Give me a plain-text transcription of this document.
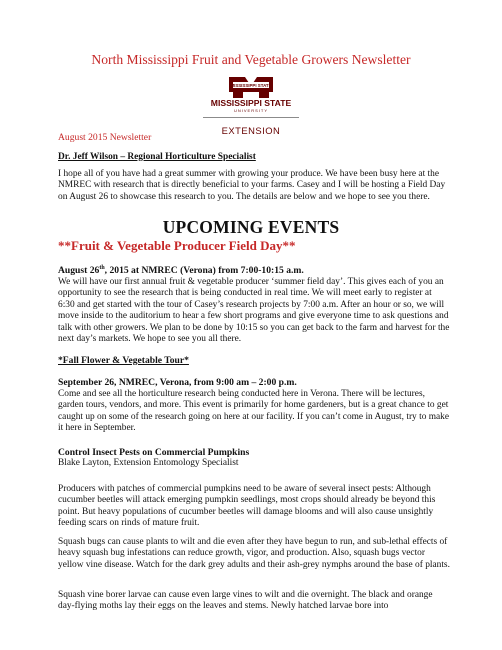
North Mississippi Fruit and Vegetable Growers Newsletter
MISSISSIPPI STATE
MISSISSIPPI STATE
UNIVERSITY
EXTENSION
August 2015 Newsletter
Dr. Jeff Wilson – Regional Horticulture Specialist
I hope all of you have had a great summer with growing your produce. We have been busy here at the NMREC with research that is directly beneficial to your farms. Casey and I will be hosting a Field Day on August 26 to showcase this research to you. The details are below and we hope to see you there.
UPCOMING EVENTS
**Fruit & Vegetable Producer Field Day**
August 26th, 2015 at NMREC (Verona) from 7:00-10:15 a.m.
We will have our first annual fruit & vegetable producer ‘summer field day’. This gives each of you an opportunity to see the research that is being conducted in real time. We will meet early to register at 6:30 and get started with the tour of Casey’s research projects by 7:00 a.m. After an hour or so, we will move inside to the auditorium to hear a few short programs and give everyone time to ask questions and talk with other growers. We plan to be done by 10:15 so you can get back to the farm and harvest for the next day’s markets. We hope to see you all there.
*Fall Flower & Vegetable Tour*
September 26, NMREC, Verona, from 9:00 am – 2:00 p.m.
Come and see all the horticulture research being conducted here in Verona. There will be lectures, garden tours, vendors, and more. This event is primarily for home gardeners, but is a great chance to get caught up on some of the research going on here at our facility. If you can’t come in August, try to make it here in September.
Control Insect Pests on Commercial Pumpkins
Blake Layton, Extension Entomology Specialist
Producers with patches of commercial pumpkins need to be aware of several insect pests: Although cucumber beetles will attack emerging pumpkin seedlings, most crops should already be beyond this point. But heavy populations of cucumber beetles will damage blooms and will also cause unsightly feeding scars on rinds of mature fruit.
Squash bugs can cause plants to wilt and die even after they have begun to run, and sub-lethal effects of heavy squash bug infestations can reduce growth, vigor, and production. Also, squash bugs vector yellow vine disease. Watch for the dark grey adults and their ash-grey nymphs around the base of plants.
Squash vine borer larvae can cause even large vines to wilt and die overnight. The black and orange day-flying moths lay their eggs on the leaves and stems. Newly hatched larvae bore into
